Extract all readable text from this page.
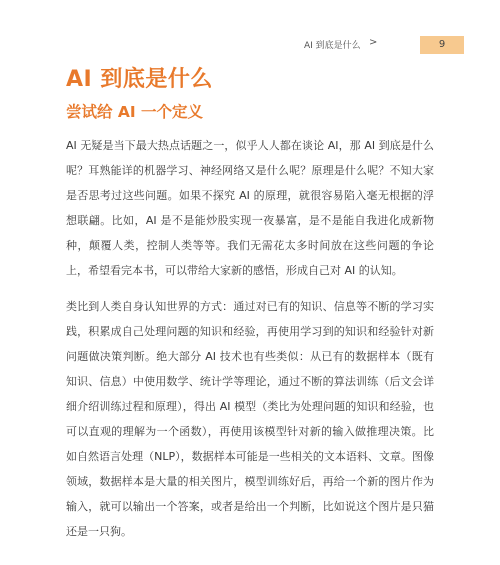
AI 到底是什么 >	9
AI 到底是什么
尝试给 AI 一个定义

AI 无疑是当下最大热点话题之一，似乎人人都在谈论 AI，那 AI 到底是什么呢？耳熟能详的机器学习、神经网络又是什么呢？原理是什么呢？不知大家是否思考过这些问题。如果不探究 AI 的原理，就很容易陷入毫无根据的浮想联翩。比如，AI 是不是能炒股实现一夜暴富，是不是能自我进化成新物种，颠覆人类，控制人类等等。我们无需花太多时间放在这些问题的争论上，希望看完本书，可以带给大家新的感悟，形成自己对 AI 的认知。

类比到人类自身认知世界的方式：通过对已有的知识、信息等不断的学习实践，积累成自己处理问题的知识和经验，再使用学习到的知识和经验针对新问题做决策判断。绝大部分 AI 技术也有些类似：从已有的数据样本（既有知识、信息）中使用数学、统计学等理论，通过不断的算法训练（后文会详细介绍训练过程和原理），得出 AI 模型（类比为处理问题的知识和经验，也可以直观的理解为一个函数），再使用该模型针对新的输入做推理决策。比如自然语言处理（NLP），数据样本可能是一些相关的文本语料、文章。图像领域，数据样本是大量的相关图片，模型训练好后，再给一个新的图片作为输入，就可以输出一个答案，或者是给出一个判断，比如说这个图片是只猫还是一只狗。
